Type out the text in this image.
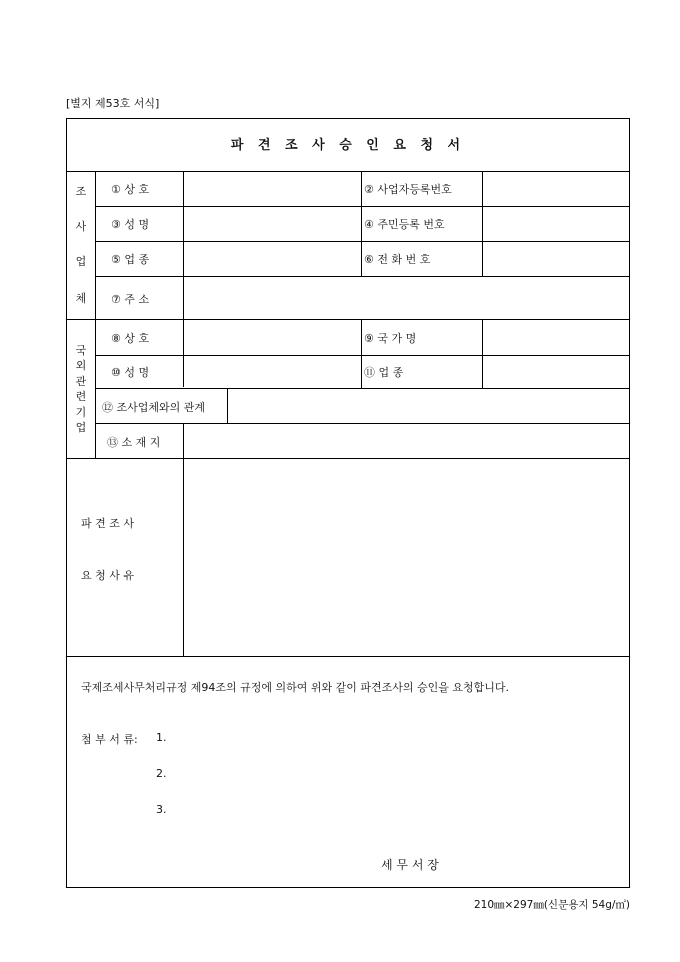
[별지 제53호 서식]
파 견 조 사 승 인 요 청 서
조
사
업
체
① 상 호	② 사업자등록번호
③ 성 명	④ 주민등록 번호
⑤ 업 종	⑥ 전 화 번 호
⑦ 주 소
국
외
관
련
기
업
⑧ 상 호	⑨ 국 가 명
⑩ 성 명	⑪ 업 종
⑫ 조사업체와의 관계
⑬ 소 재 지
파 견 조 사
요 청 사 유
국제조세사무처리규정 제94조의 규정에 의하여 위와 같이 파견조사의 승인을 요청합니다.
첨 부 서 류: 1.
2.
3.
세 무 서 장
210㎜×297㎜(신문용지 54g/㎡)
